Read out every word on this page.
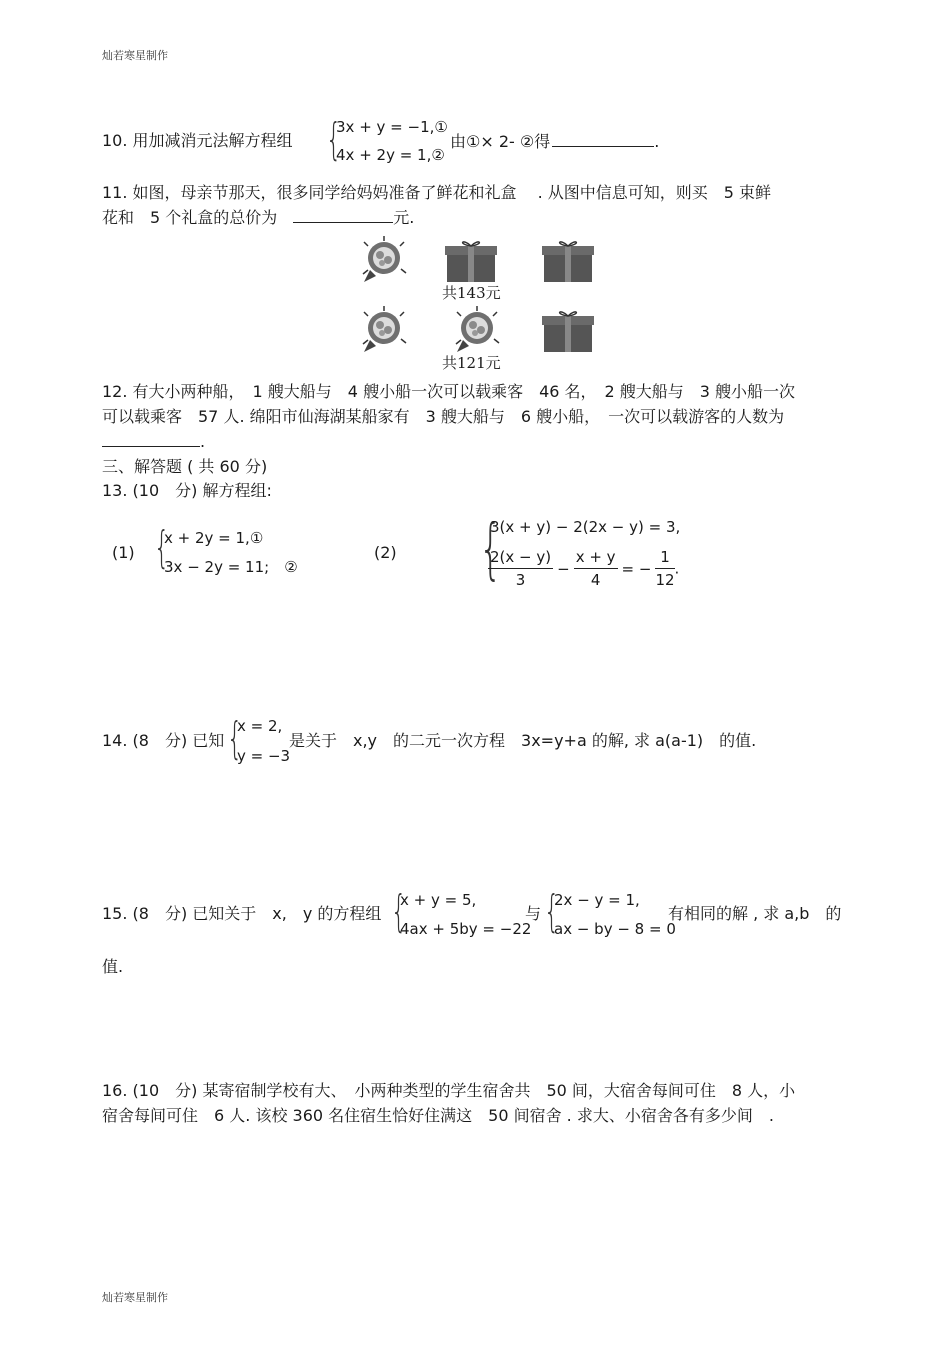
灿若寒星制作
10. 用加减消元法解方程组 {
3x + y = −1,①
4x + 2y = 1,②
由①× 2- ②得	.
11. 如图，母亲节那天，很多同学给妈妈准备了鲜花和礼盒　 . 从图中信息可知，则买　5 束鲜
花和　5 个礼盒的总价为　	元.
共143元
共121元
12. 有大小两种船，　1 艘大船与　4 艘小船一次可以载乘客　46 名，　2 艘大船与　3 艘小船一次
可以载乘客　57 人. 绵阳市仙海湖某船家有　3 艘大船与　6 艘小船，　一次可以载游客的人数为
.
三、解答题 ( 共 60 分)
13. (10　分) 解方程组:
(1) {
x + 2y = 1,①
3x − 2y = 11;　②
(2) {
3(x + y) − 2(2x − y) = 3,
$\frac{2(x - y)}{3} - \frac{x + y}{4}$ = − $\frac{1}{12}$ .
14. (8　分) 已知 {
x = 2,
y = −3
是关于　x,y　的二元一次方程　3x=y+a 的解, 求 a(a-1)　的值.
15. (8　分) 已知关于　x,　y 的方程组 {
x + y = 5,
4ax + 5by = −22
与 {
2x − y = 1,
ax − by − 8 = 0
有相同的解 , 求 a,b　的
值.
16. (10　分) 某寄宿制学校有大、　小两种类型的学生宿舍共　50 间，大宿舍每间可住　8 人，小
宿舍每间可住　6 人. 该校 360 名住宿生恰好住满这　50 间宿舍 . 求大、小宿舍各有多少间　.
灿若寒星制作
